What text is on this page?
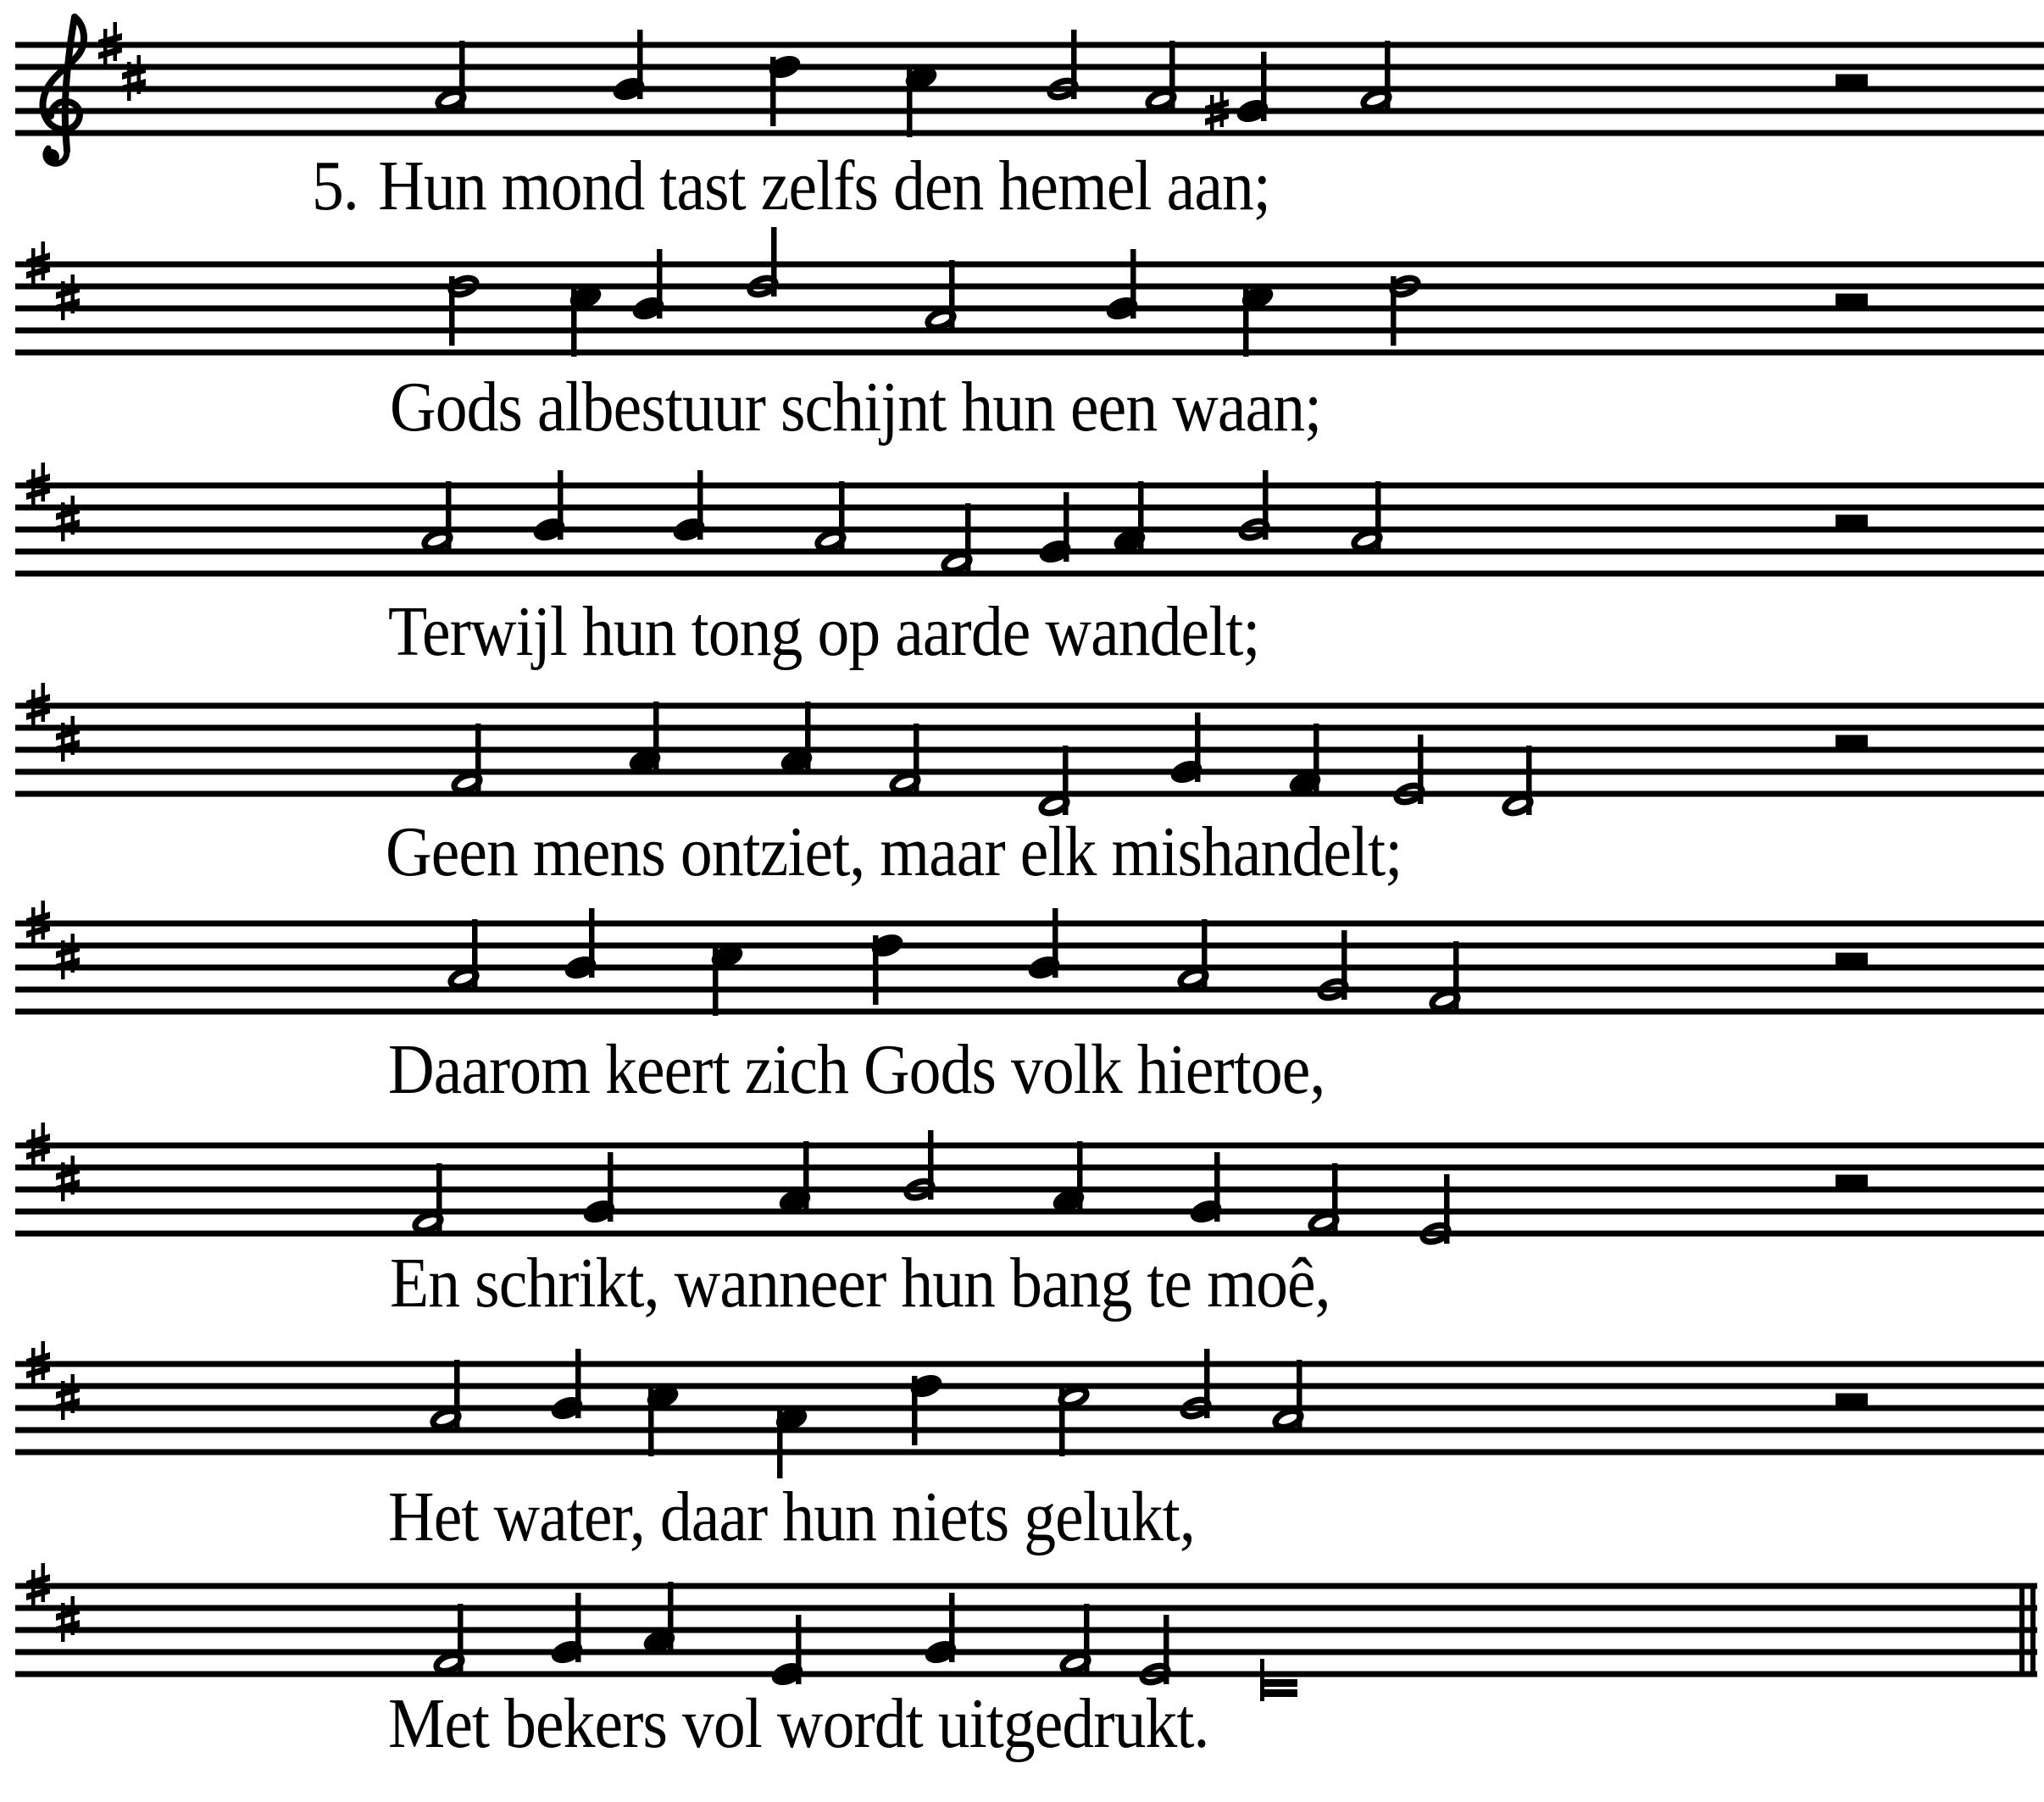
5. Hun mond tast zelfs den hemel aan;
Gods albestuur schijnt hun een waan;
Terwijl hun tong op aarde wandelt;
Geen mens ontziet, maar elk mishandelt;
Daarom keert zich Gods volk hiertoe,
En schrikt, wanneer hun bang te moê,
Het water, daar hun niets gelukt,
Met bekers vol wordt uitgedrukt.
